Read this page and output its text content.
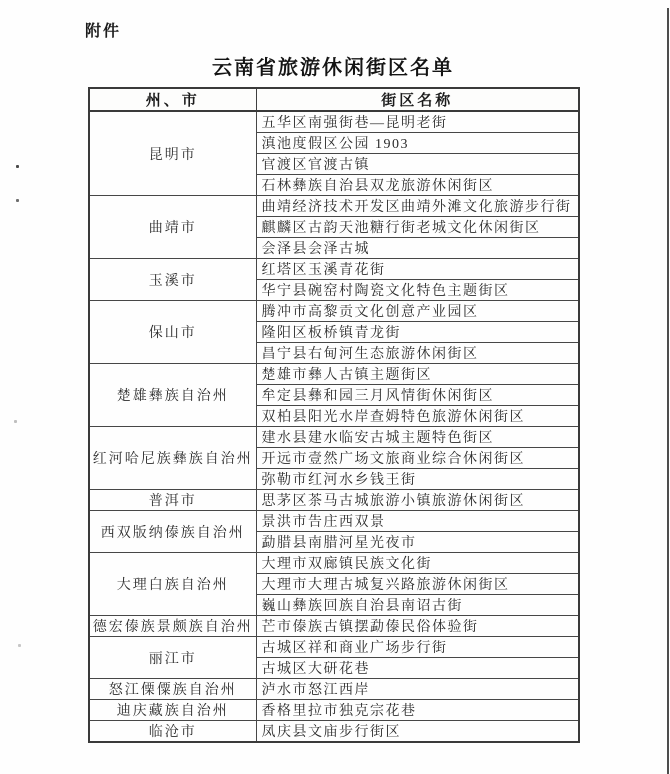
附件
云南省旅游休闲街区名单
州、市	街区名称
昆明市	五华区南强街巷—昆明老街
	滇池度假区公园 1903
	官渡区官渡古镇
	石林彝族自治县双龙旅游休闲街区
曲靖市	曲靖经济技术开发区曲靖外滩文化旅游步行街
	麒麟区古韵天池糖行街老城文化休闲街区
	会泽县会泽古城
玉溪市	红塔区玉溪青花街
	华宁县碗窑村陶瓷文化特色主题街区
保山市	腾冲市高黎贡文化创意产业园区
	隆阳区板桥镇青龙街
	昌宁县右甸河生态旅游休闲街区
楚雄彝族自治州	楚雄市彝人古镇主题街区
	牟定县彝和园三月风情街休闲街区
	双柏县阳光水岸查姆特色旅游休闲街区
红河哈尼族彝族自治州	建水县建水临安古城主题特色街区
	开远市壹然广场文旅商业综合休闲街区
	弥勒市红河水乡钱王街
普洱市	思茅区茶马古城旅游小镇旅游休闲街区
西双版纳傣族自治州	景洪市告庄西双景
	勐腊县南腊河星光夜市
大理白族自治州	大理市双廊镇民族文化街
	大理市大理古城复兴路旅游休闲街区
	巍山彝族回族自治县南诏古街
德宏傣族景颇族自治州	芒市傣族古镇摆勐傣民俗体验街
丽江市	古城区祥和商业广场步行街
	古城区大研花巷
怒江傈僳族自治州	泸水市怒江西岸
迪庆藏族自治州	香格里拉市独克宗花巷
临沧市	凤庆县文庙步行街区
